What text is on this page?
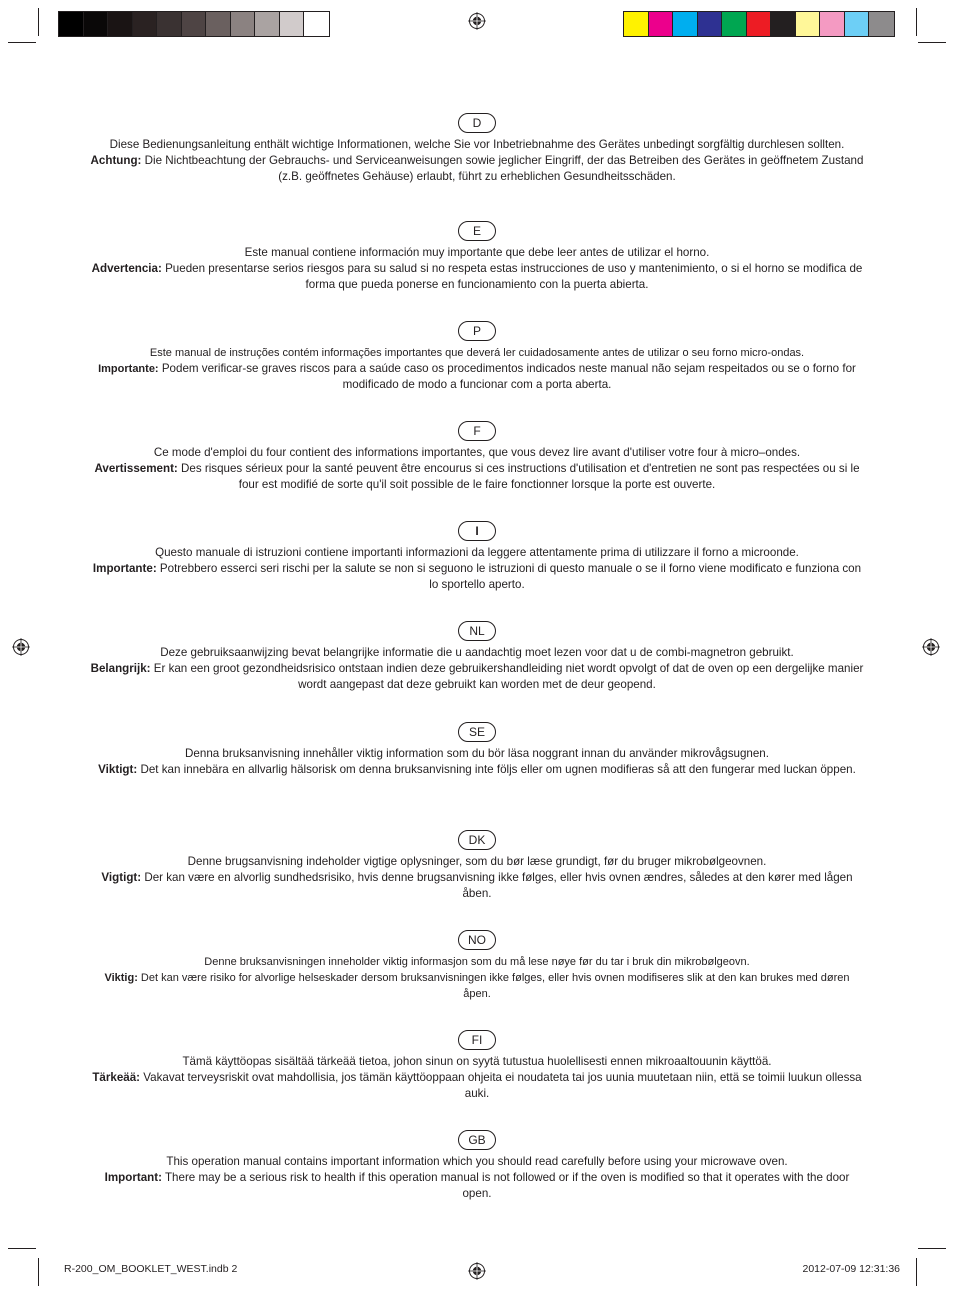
D

Diese Bedienungsanleitung enthält wichtige Informationen, welche Sie vor Inbetriebnahme des Gerätes unbedingt sorgfältig durchlesen sollten.
Achtung: Die Nichtbeachtung der Gebrauchs- und Serviceanweisungen sowie jeglicher Eingriff, der das Betreiben des Gerätes in geöffnetem Zustand (z.B. geöffnetes Gehäuse) erlaubt, führt zu erheblichen Gesundheitsschäden.

E

Este manual contiene información muy importante que debe leer antes de utilizar el horno.
Advertencia: Pueden presentarse serios riesgos para su salud si no respeta estas instrucciones de uso y mantenimiento, o si el horno se modifica de forma que pueda ponerse en funcionamiento con la puerta abierta.

P

Este manual de instruções contém informações importantes que deverá ler cuidadosamente antes de utilizar o seu forno micro-ondas.
Importante: Podem verificar-se graves riscos para a saúde caso os procedimentos indicados neste manual não sejam respeitados ou se o forno for modificado de modo a funcionar com a porta aberta.

F

Ce mode d'emploi du four contient des informations importantes, que vous devez lire avant d'utiliser votre four à micro–ondes.
Avertissement: Des risques sérieux pour la santé peuvent être encourus si ces instructions d'utilisation et d'entretien ne sont pas respectées ou si le four est modifié de sorte qu'il soit possible de le faire fonctionner lorsque la porte est ouverte.

I

Questo manuale di istruzioni contiene importanti informazioni da leggere attentamente prima di utilizzare il forno a microonde.
Importante: Potrebbero esserci seri rischi per la salute se non si seguono le istruzioni di questo manuale o se il forno viene modificato e funziona con lo sportello aperto.

NL

Deze gebruiksaanwijzing bevat belangrijke informatie die u aandachtig moet lezen voor dat u de combi-magnetron gebruikt.
Belangrijk: Er kan een groot gezondheidsrisico ontstaan indien deze gebruikershandleiding niet wordt opvolgt of dat de oven op een dergelijke manier wordt aangepast dat deze gebruikt kan worden met de deur geopend.

SE

Denna bruksanvisning innehåller viktig information som du bör läsa noggrant innan du använder mikrovågsugnen.
Viktigt: Det kan innebära en allvarlig hälsorisk om denna bruksanvisning inte följs eller om ugnen modifieras så att den fungerar med luckan öppen.

DK

Denne brugsanvisning indeholder vigtige oplysninger, som du bør læse grundigt, før du bruger mikrobølgeovnen.
Vigtigt: Der kan være en alvorlig sundhedsrisiko, hvis denne brugsanvisning ikke følges, eller hvis ovnen ændres, således at den kører med lågen åben.

NO

Denne bruksanvisningen inneholder viktig informasjon som du må lese nøye før du tar i bruk din mikrobølgeovn.
Viktig: Det kan være risiko for alvorlige helseskader dersom bruksanvisningen ikke følges, eller hvis ovnen modifiseres slik at den kan brukes med døren åpen.

FI

Tämä käyttöopas sisältää tärkeää tietoa, johon sinun on syytä tutustua huolellisesti ennen mikroaaltouunin käyttöä.
Tärkeää: Vakavat terveysriskit ovat mahdollisia, jos tämän käyttöoppaan ohjeita ei noudateta tai jos uunia muutetaan niin, että se toimii luukun ollessa auki.

GB

This operation manual contains important information which you should read carefully before using your microwave oven.
Important: There may be a serious risk to health if this operation manual is not followed or if the oven is modified so that it operates with the door open.

R-200_OM_BOOKLET_WEST.indb 2	2012-07-09 12:31:36
